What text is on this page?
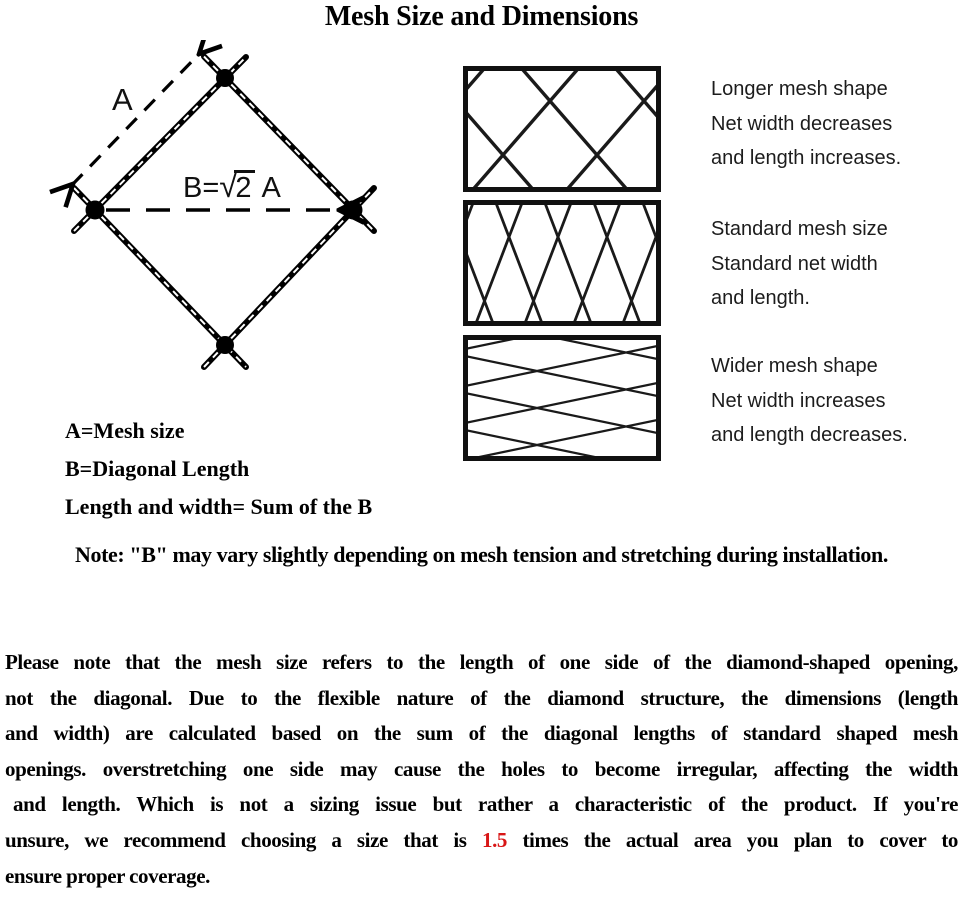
Mesh Size and Dimensions
A
B=√2 A
A=Mesh size
B=Diagonal Length
Length and width= Sum of the B
Longer mesh shape
Net width decreases
and length increases.
Standard mesh size
Standard net width
and length.
Wider mesh shape
Net width increases
and length decreases.
Note: "B" may vary slightly depending on mesh tension and stretching during installation.
Please note that the mesh size refers to the length of one side of the diamond-shaped opening,
not the diagonal. Due to the flexible nature of the diamond structure, the dimensions (length
and width) are calculated based on the sum of the diagonal lengths of standard shaped mesh
openings. overstretching one side may cause the holes to become irregular, affecting the width
and length. Which is not a sizing issue but rather a characteristic of the product. If you're
unsure, we recommend choosing a size that is 1.5 times the actual area you plan to cover to
ensure proper coverage.
